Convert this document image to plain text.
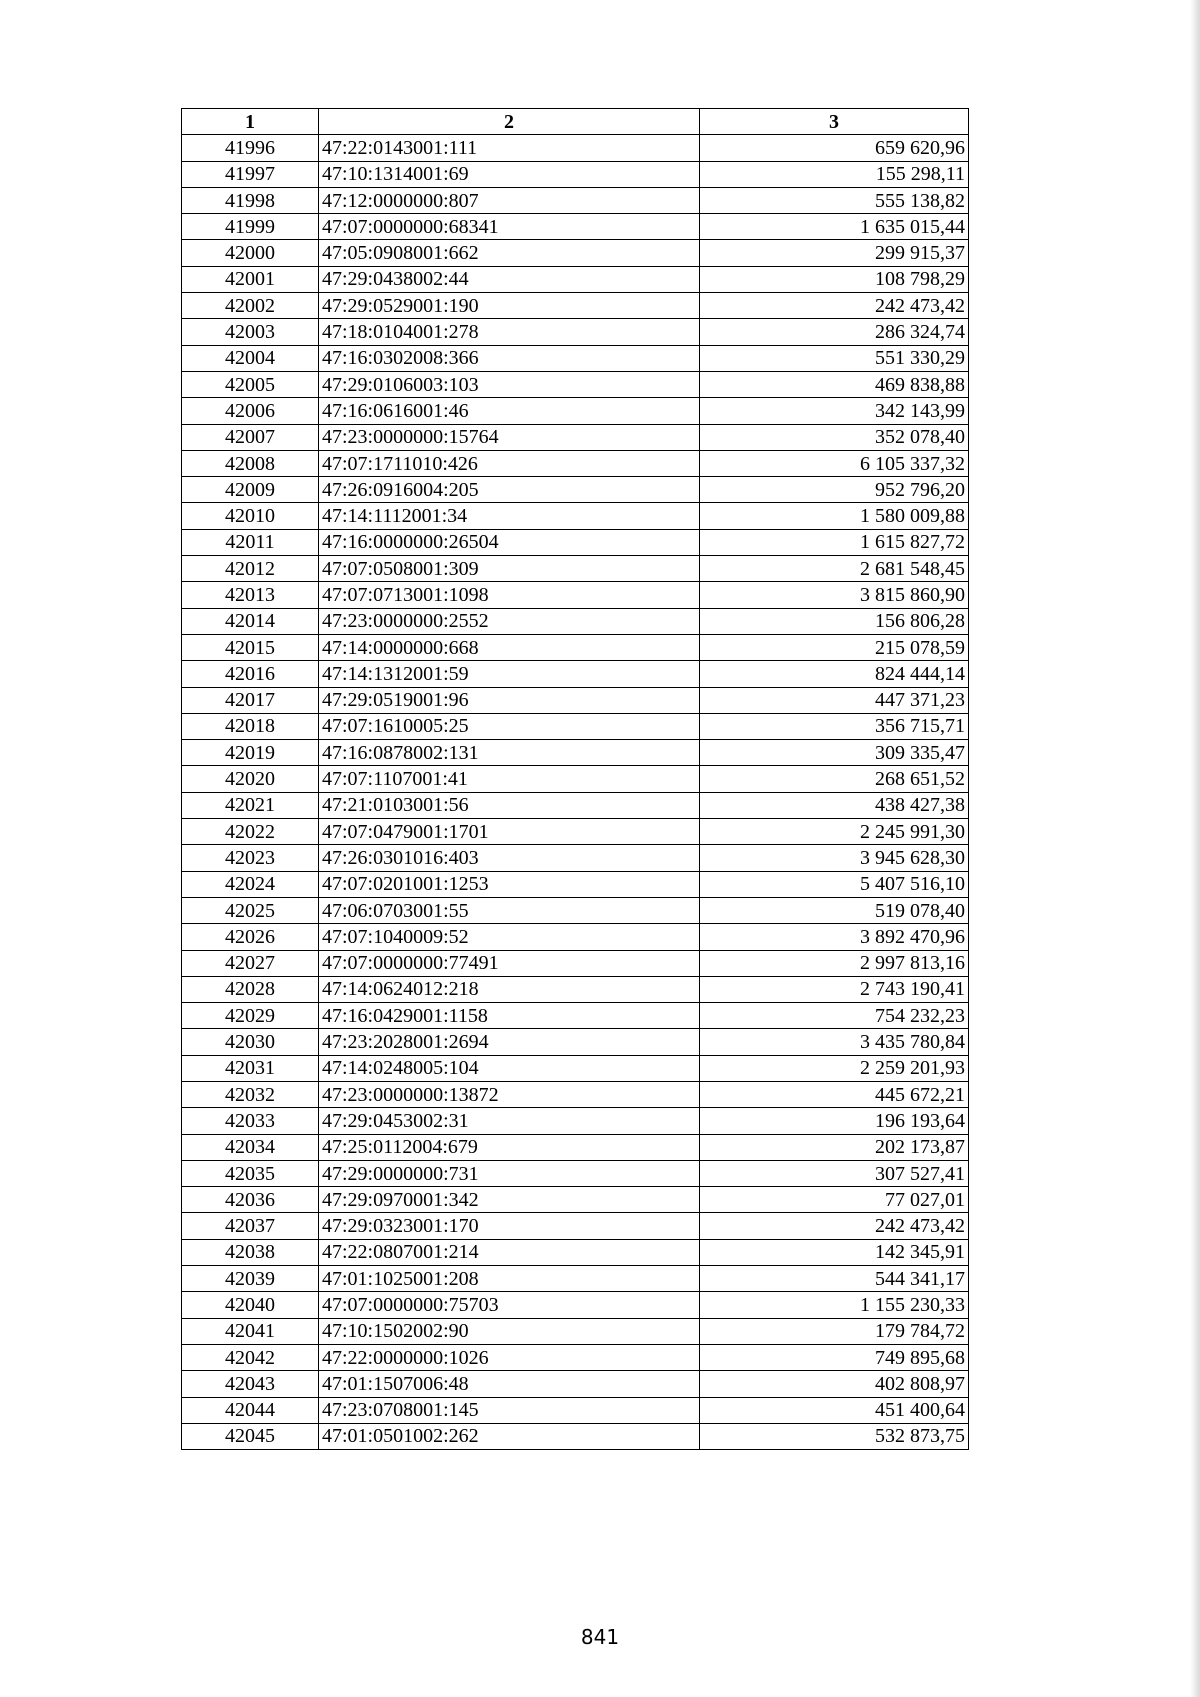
1	2	3
41996	47:22:0143001:111	659 620,96
41997	47:10:1314001:69	155 298,11
41998	47:12:0000000:807	555 138,82
41999	47:07:0000000:68341	1 635 015,44
42000	47:05:0908001:662	299 915,37
42001	47:29:0438002:44	108 798,29
42002	47:29:0529001:190	242 473,42
42003	47:18:0104001:278	286 324,74
42004	47:16:0302008:366	551 330,29
42005	47:29:0106003:103	469 838,88
42006	47:16:0616001:46	342 143,99
42007	47:23:0000000:15764	352 078,40
42008	47:07:1711010:426	6 105 337,32
42009	47:26:0916004:205	952 796,20
42010	47:14:1112001:34	1 580 009,88
42011	47:16:0000000:26504	1 615 827,72
42012	47:07:0508001:309	2 681 548,45
42013	47:07:0713001:1098	3 815 860,90
42014	47:23:0000000:2552	156 806,28
42015	47:14:0000000:668	215 078,59
42016	47:14:1312001:59	824 444,14
42017	47:29:0519001:96	447 371,23
42018	47:07:1610005:25	356 715,71
42019	47:16:0878002:131	309 335,47
42020	47:07:1107001:41	268 651,52
42021	47:21:0103001:56	438 427,38
42022	47:07:0479001:1701	2 245 991,30
42023	47:26:0301016:403	3 945 628,30
42024	47:07:0201001:1253	5 407 516,10
42025	47:06:0703001:55	519 078,40
42026	47:07:1040009:52	3 892 470,96
42027	47:07:0000000:77491	2 997 813,16
42028	47:14:0624012:218	2 743 190,41
42029	47:16:0429001:1158	754 232,23
42030	47:23:2028001:2694	3 435 780,84
42031	47:14:0248005:104	2 259 201,93
42032	47:23:0000000:13872	445 672,21
42033	47:29:0453002:31	196 193,64
42034	47:25:0112004:679	202 173,87
42035	47:29:0000000:731	307 527,41
42036	47:29:0970001:342	77 027,01
42037	47:29:0323001:170	242 473,42
42038	47:22:0807001:214	142 345,91
42039	47:01:1025001:208	544 341,17
42040	47:07:0000000:75703	1 155 230,33
42041	47:10:1502002:90	179 784,72
42042	47:22:0000000:1026	749 895,68
42043	47:01:1507006:48	402 808,97
42044	47:23:0708001:145	451 400,64
42045	47:01:0501002:262	532 873,75
841
